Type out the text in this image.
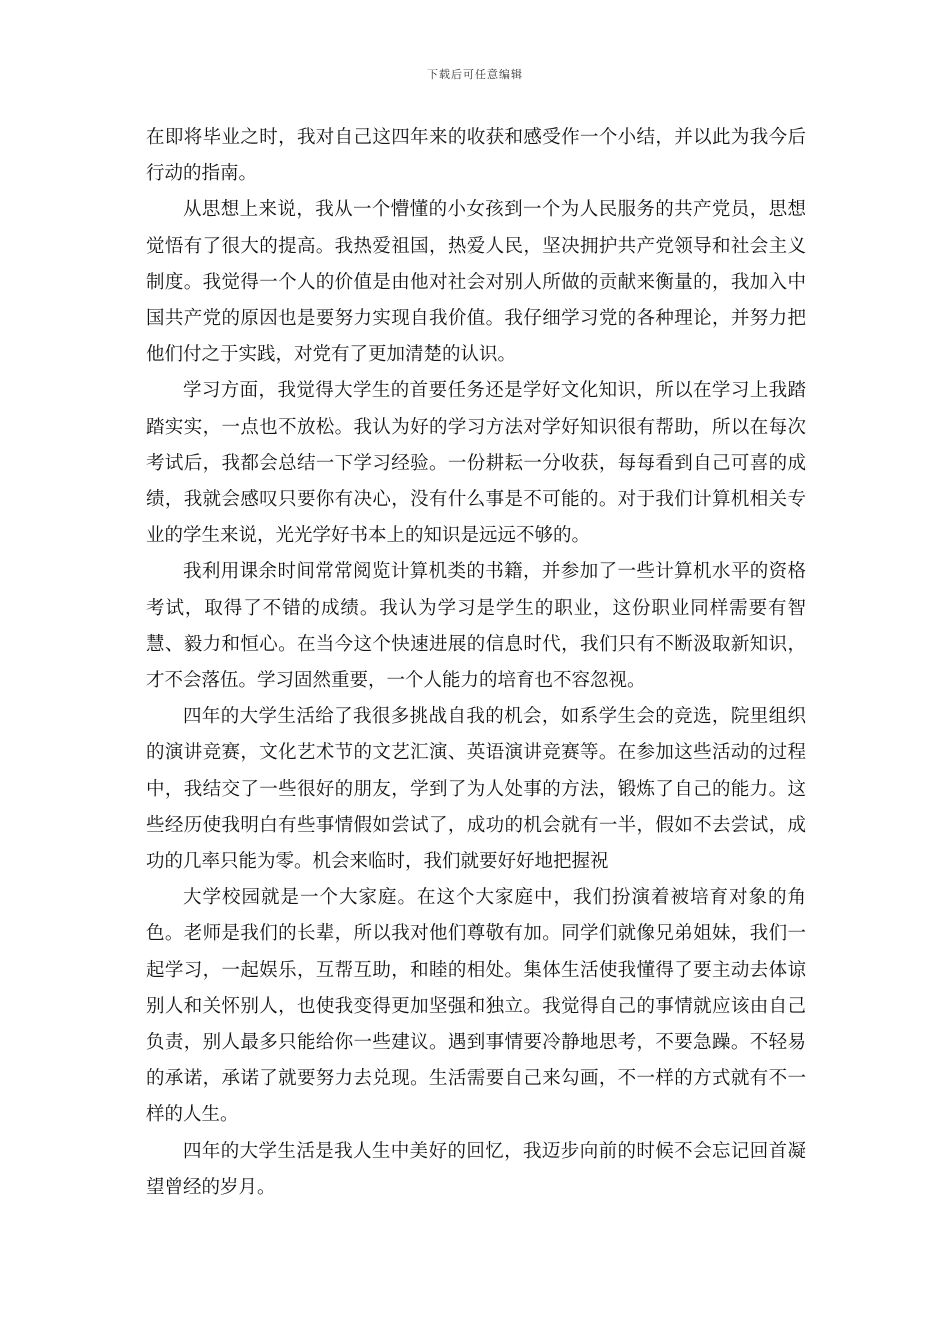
下载后可任意编辑

在即将毕业之时，我对自己这四年来的收获和感受作一个小结，并以此为我今后行动的指南。

从思想上来说，我从一个懵懂的小女孩到一个为人民服务的共产党员，思想觉悟有了很大的提高。我热爱祖国，热爱人民，坚决拥护共产党领导和社会主义制度。我觉得一个人的价值是由他对社会对别人所做的贡献来衡量的，我加入中国共产党的原因也是要努力实现自我价值。我仔细学习党的各种理论，并努力把他们付之于实践，对党有了更加清楚的认识。

学习方面，我觉得大学生的首要任务还是学好文化知识，所以在学习上我踏踏实实，一点也不放松。我认为好的学习方法对学好知识很有帮助，所以在每次考试后，我都会总结一下学习经验。一份耕耘一分收获，每每看到自己可喜的成绩，我就会感叹只要你有决心，没有什么事是不可能的。对于我们计算机相关专业的学生来说，光光学好书本上的知识是远远不够的。

我利用课余时间常常阅览计算机类的书籍，并参加了一些计算机水平的资格考试，取得了不错的成绩。我认为学习是学生的职业，这份职业同样需要有智慧、毅力和恒心。在当今这个快速进展的信息时代，我们只有不断汲取新知识，才不会落伍。学习固然重要，一个人能力的培育也不容忽视。

四年的大学生活给了我很多挑战自我的机会，如系学生会的竞选，院里组织的演讲竞赛，文化艺术节的文艺汇演、英语演讲竞赛等。在参加这些活动的过程中，我结交了一些很好的朋友，学到了为人处事的方法，锻炼了自己的能力。这些经历使我明白有些事情假如尝试了，成功的机会就有一半，假如不去尝试，成功的几率只能为零。机会来临时，我们就要好好地把握祝

大学校园就是一个大家庭。在这个大家庭中，我们扮演着被培育对象的角色。老师是我们的长辈，所以我对他们尊敬有加。同学们就像兄弟姐妹，我们一起学习，一起娱乐，互帮互助，和睦的相处。集体生活使我懂得了要主动去体谅别人和关怀别人，也使我变得更加坚强和独立。我觉得自己的事情就应该由自己负责，别人最多只能给你一些建议。遇到事情要冷静地思考，不要急躁。不轻易的承诺，承诺了就要努力去兑现。生活需要自己来勾画，不一样的方式就有不一样的人生。

四年的大学生活是我人生中美好的回忆，我迈步向前的时候不会忘记回首凝望曾经的岁月。
